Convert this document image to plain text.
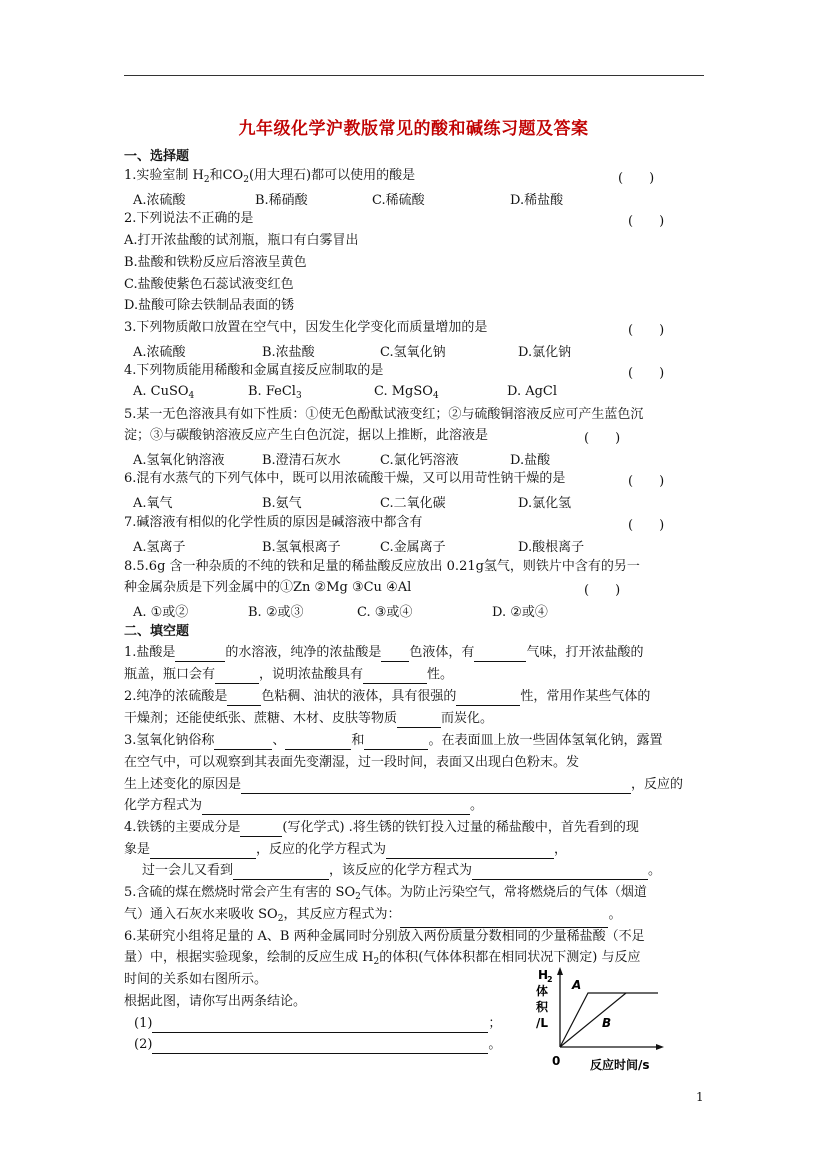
九年级化学沪教版常见的酸和碱练习题及答案
一、选择题
1.实验室制 $H_2$和$CO_2$(用大理石)都可以使用的酸是	(　　)
A.浓硫酸	B.稀硝酸	C.稀硫酸	D.稀盐酸
2.下列说法不正确的是	(　　)
A.打开浓盐酸的试剂瓶，瓶口有白雾冒出
B.盐酸和铁粉反应后溶液呈黄色
C.盐酸使紫色石蕊试液变红色
D.盐酸可除去铁制品表面的锈
3.下列物质敞口放置在空气中，因发生化学变化而质量增加的是	(　　)
A.浓硫酸	B.浓盐酸	C.氢氧化钠	D.氯化钠
4.下列物质能用稀酸和金属直接反应制取的是	(　　)
A. CuSO$_4$	B. FeCl$_3$	C. MgSO$_4$	D. AgCl
5.某一无色溶液具有如下性质：①使无色酚酞试液变红；②与硫酸铜溶液反应可产生蓝色沉
淀；③与碳酸钠溶液反应产生白色沉淀，据以上推断，此溶液是	(　　)
A.氢氧化钠溶液	B.澄清石灰水	C.氯化钙溶液	D.盐酸
6.混有水蒸气的下列气体中，既可以用浓硫酸干燥，又可以用苛性钠干燥的是	(　　)
A.氧气	B.氨气	C.二氧化碳	D.氯化氢
7.碱溶液有相似的化学性质的原因是碱溶液中都含有	(　　)
A.氢离子	B.氢氧根离子	C.金属离子	D.酸根离子
8.5.6g 含一种杂质的不纯的铁和足量的稀盐酸反应放出 0.21g氢气，则铁片中含有的另一
种金属杂质是下列金属中的①Zn ②Mg ③Cu ④Al	(　　)
A. ①或②	B. ②或③	C. ③或④	D. ②或④
二、填空题
1.盐酸是	的水溶液，纯净的浓盐酸是 色液体，有	气味，打开浓盐酸的
瓶盖，瓶口会有	，说明浓盐酸具有	性。
2.纯净的浓硫酸是	色粘稠、油状的液体，具有很强的	性，常用作某些气体的
干燥剂；还能使纸张、蔗糖、木材、皮肤等物质	而炭化。
3.氢氧化钠俗称	、	和	。在表面皿上放一些固体氢氧化钠，露置
在空气中，可以观察到其表面先变潮湿，过一段时间，表面又出现白色粉末。发
生上述变化的原因是	，反应的
化学方程式为	。
4.铁锈的主要成分是	(写化学式) .将生锈的铁钉投入过量的稀盐酸中，首先看到的现
象是	，反应的化学方程式为	，
过一会儿又看到	，该反应的化学方程式为	。
5.含硫的煤在燃烧时常会产生有害的 $SO_2$气体。为防止污染空气，常将燃烧后的气体（烟道
气）通入石灰水来吸收 $SO_2$，其反应方程式为：	。
6.某研究小组将足量的 A、B 两种金属同时分别放入两份质量分数相同的少量稀盐酸（不足
量）中，根据实验现象，绘制的反应生成 $H_2$的体积(气体体积都在相同状况下测定) 与反应
时间的关系如右图所示。
根据此图，请你写出两条结论。
(1)	；
(2)	。
H
2
体
积
/L
0 反应时间/s
A
B
1
